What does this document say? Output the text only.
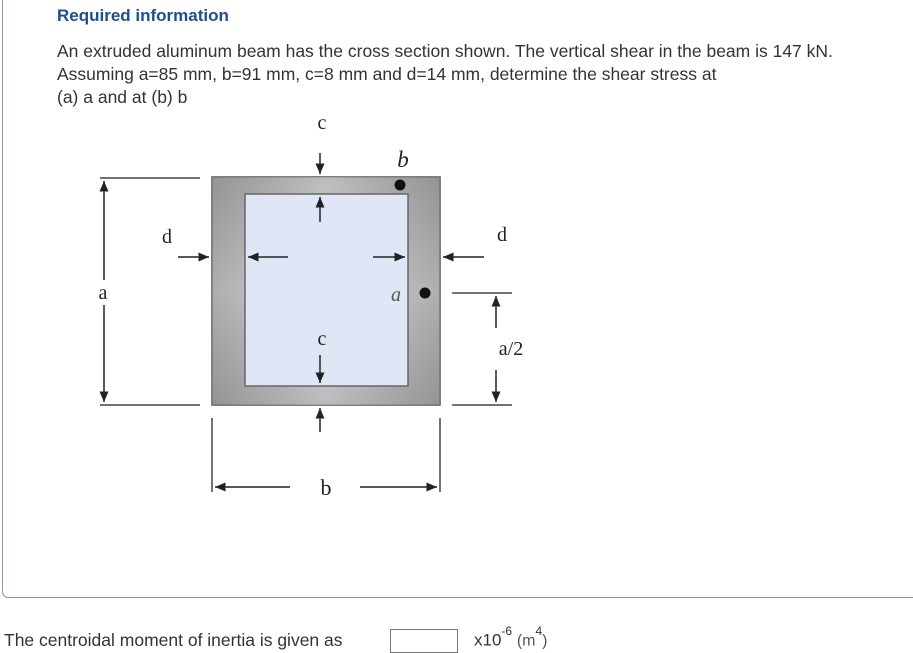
Required information
An extruded aluminum beam has the cross section shown. The vertical shear in the beam is 147 kN.
Assuming a=85 mm, b=91 mm, c=8 mm and d=14 mm, determine the shear stress at
(a) a and at (b) b
a
c
b
d	d
a
a/2
c
b
The centroidal moment of inertia is given as	$x10^{-6}$ $(m^4)$
